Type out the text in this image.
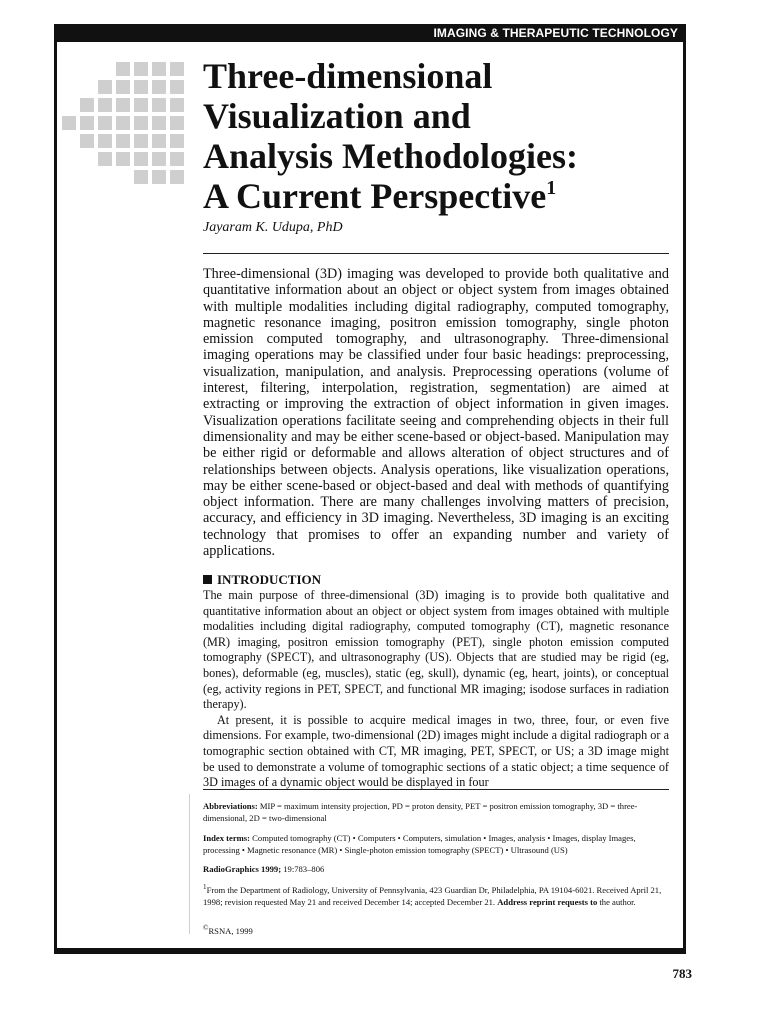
IMAGING & THERAPEUTIC TECHNOLOGY
Three-dimensional
Visualization and
Analysis Methodologies:
A Current Perspective$^1$
Jayaram K. Udupa, PhD

Three-dimensional (3D) imaging was developed to provide both qualitative and quantitative information about an object or object system from images obtained with multiple modalities including digital radiography, computed tomography, magnetic resonance imaging, positron emission tomography, single photon emission computed tomography, and ultrasonography. Three-dimensional imaging operations may be classified under four basic headings: preprocessing, visualization, manipulation, and analysis. Preprocessing operations (volume of interest, filtering, interpolation, registration, segmentation) are aimed at extracting or improving the extraction of object information in given images. Visualization operations facilitate seeing and comprehending objects in their full dimensionality and may be either scene-based or object-based. Manipulation may be either rigid or deformable and allows alteration of object structures and of relationships between objects. Analysis operations, like visualization operations, may be either scene-based or object-based and deal with methods of quantifying object information. There are many challenges involving matters of precision, accuracy, and efficiency in 3D imaging. Nevertheless, 3D imaging is an exciting technology that promises to offer an expanding number and variety of applications.

INTRODUCTION

The main purpose of three-dimensional (3D) imaging is to provide both qualitative and quantitative information about an object or object system from images obtained with multiple modalities including digital radiography, computed tomography (CT), magnetic resonance (MR) imaging, positron emission tomography (PET), single photon emission computed tomography (SPECT), and ultrasonography (US). Objects that are studied may be rigid (eg, bones), deformable (eg, muscles), static (eg, skull), dynamic (eg, heart, joints), or conceptual (eg, activity regions in PET, SPECT, and functional MR imaging; isodose surfaces in radiation therapy).

At present, it is possible to acquire medical images in two, three, four, or even five dimensions. For example, two-dimensional (2D) images might include a digital radiograph or a tomographic section obtained with CT, MR imaging, PET, SPECT, or US; a 3D image might be used to demonstrate a volume of tomographic sections of a static object; a time sequence of 3D images of a dynamic object would be displayed in four

Abbreviations: MIP = maximum intensity projection, PD = proton density, PET = positron emission tomography, 3D = three-dimensional, 2D = two-dimensional

Index terms: Computed tomography (CT) • Computers • Computers, simulation • Images, analysis • Images, display Images, processing • Magnetic resonance (MR) • Single-photon emission tomography (SPECT) • Ultrasound (US)

RadioGraphics 1999; 19:783–806

$^1$From the Department of Radiology, University of Pennsylvania, 423 Guardian Dr, Philadelphia, PA 19104-6021. Received April 21, 1998; revision requested May 21 and received December 14; accepted December 21. Address reprint requests to the author.

©RSNA, 1999

783
